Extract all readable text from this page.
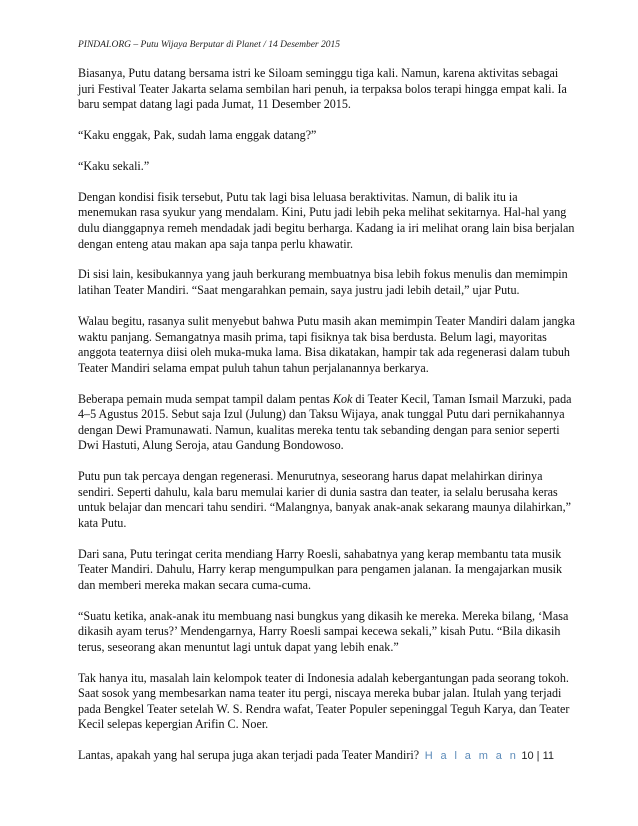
PINDAI.ORG – Putu Wijaya Berputar di Planet / 14 Desember 2015

Biasanya, Putu datang bersama istri ke Siloam seminggu tiga kali. Namun, karena aktivitas sebagai juri Festival Teater Jakarta selama sembilan hari penuh, ia terpaksa bolos terapi hingga empat kali. Ia baru sempat datang lagi pada Jumat, 11 Desember 2015.

“Kaku enggak, Pak, sudah lama enggak datang?”

“Kaku sekali.”

Dengan kondisi fisik tersebut, Putu tak lagi bisa leluasa beraktivitas. Namun, di balik itu ia menemukan rasa syukur yang mendalam. Kini, Putu jadi lebih peka melihat sekitarnya. Hal-hal yang dulu dianggapnya remeh mendadak jadi begitu berharga. Kadang ia iri melihat orang lain bisa berjalan dengan enteng atau makan apa saja tanpa perlu khawatir.

Di sisi lain, kesibukannya yang jauh berkurang membuatnya bisa lebih fokus menulis dan memimpin latihan Teater Mandiri. “Saat mengarahkan pemain, saya justru jadi lebih detail,” ujar Putu.

Walau begitu, rasanya sulit menyebut bahwa Putu masih akan memimpin Teater Mandiri dalam jangka waktu panjang. Semangatnya masih prima, tapi fisiknya tak bisa berdusta. Belum lagi, mayoritas anggota teaternya diisi oleh muka-muka lama. Bisa dikatakan, hampir tak ada regenerasi dalam tubuh Teater Mandiri selama empat puluh tahun tahun perjalanannya berkarya.

Beberapa pemain muda sempat tampil dalam pentas Kok di Teater Kecil, Taman Ismail Marzuki, pada 4–5 Agustus 2015. Sebut saja Izul (Julung) dan Taksu Wijaya, anak tunggal Putu dari pernikahannya dengan Dewi Pramunawati. Namun, kualitas mereka tentu tak sebanding dengan para senior seperti Dwi Hastuti, Alung Seroja, atau Gandung Bondowoso.

Putu pun tak percaya dengan regenerasi. Menurutnya, seseorang harus dapat melahirkan dirinya sendiri. Seperti dahulu, kala baru memulai karier di dunia sastra dan teater, ia selalu berusaha keras untuk belajar dan mencari tahu sendiri. “Malangnya, banyak anak-anak sekarang maunya dilahirkan,” kata Putu.

Dari sana, Putu teringat cerita mendiang Harry Roesli, sahabatnya yang kerap membantu tata musik Teater Mandiri. Dahulu, Harry kerap mengumpulkan para pengamen jalanan. Ia mengajarkan musik dan memberi mereka makan secara cuma-cuma.

“Suatu ketika, anak-anak itu membuang nasi bungkus yang dikasih ke mereka. Mereka bilang, ‘Masa dikasih ayam terus?’ Mendengarnya, Harry Roesli sampai kecewa sekali,” kisah Putu. “Bila dikasih terus, seseorang akan menuntut lagi untuk dapat yang lebih enak.”

Tak hanya itu, masalah lain kelompok teater di Indonesia adalah kebergantungan pada seorang tokoh. Saat sosok yang membesarkan nama teater itu pergi, niscaya mereka bubar jalan. Itulah yang terjadi pada Bengkel Teater setelah W. S. Rendra wafat, Teater Populer sepeninggal Teguh Karya, dan Teater Kecil selepas kepergian Arifin C. Noer.

Lantas, apakah yang hal serupa juga akan terjadi pada Teater Mandiri? H a l a m a n 10 | 11
